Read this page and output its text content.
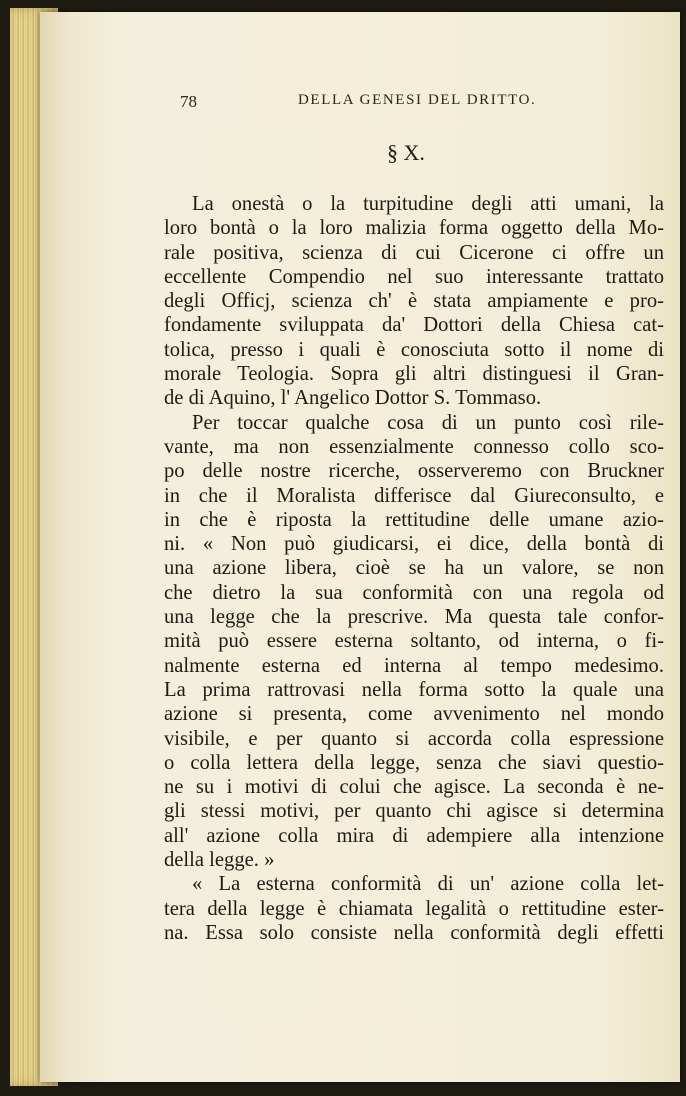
78	DELLA GENESI DEL DRITTO.
§ X.
La onestà o la turpitudine degli atti umani, la
loro bontà o la loro malizia forma oggetto della Mo-
rale positiva, scienza di cui Cicerone ci offre un
eccellente Compendio nel suo interessante trattato
degli Officj, scienza ch' è stata ampiamente e pro-
fondamente sviluppata da' Dottori della Chiesa cat-
tolica, presso i quali è conosciuta sotto il nome di
morale Teologia. Sopra gli altri distinguesi il Gran-
de di Aquino, l' Angelico Dottor S. Tommaso.
Per toccar qualche cosa di un punto così rile-
vante, ma non essenzialmente connesso collo sco-
po delle nostre ricerche, osserveremo con Bruckner
in che il Moralista differisce dal Giureconsulto, e
in che è riposta la rettitudine delle umane azio-
ni. « Non può giudicarsi, ei dice, della bontà di
una azione libera, cioè se ha un valore, se non
che dietro la sua conformità con una regola od
una legge che la prescrive. Ma questa tale confor-
mità può essere esterna soltanto, od interna, o fi-
nalmente esterna ed interna al tempo medesimo.
La prima rattrovasi nella forma sotto la quale una
azione si presenta, come avvenimento nel mondo
visibile, e per quanto si accorda colla espressione
o colla lettera della legge, senza che siavi questio-
ne su i motivi di colui che agisce. La seconda è ne-
gli stessi motivi, per quanto chi agisce si determina
all' azione colla mira di adempiere alla intenzione
della legge. »
« La esterna conformità di un' azione colla let-
tera della legge è chiamata legalità o rettitudine ester-
na. Essa solo consiste nella conformità degli effetti
